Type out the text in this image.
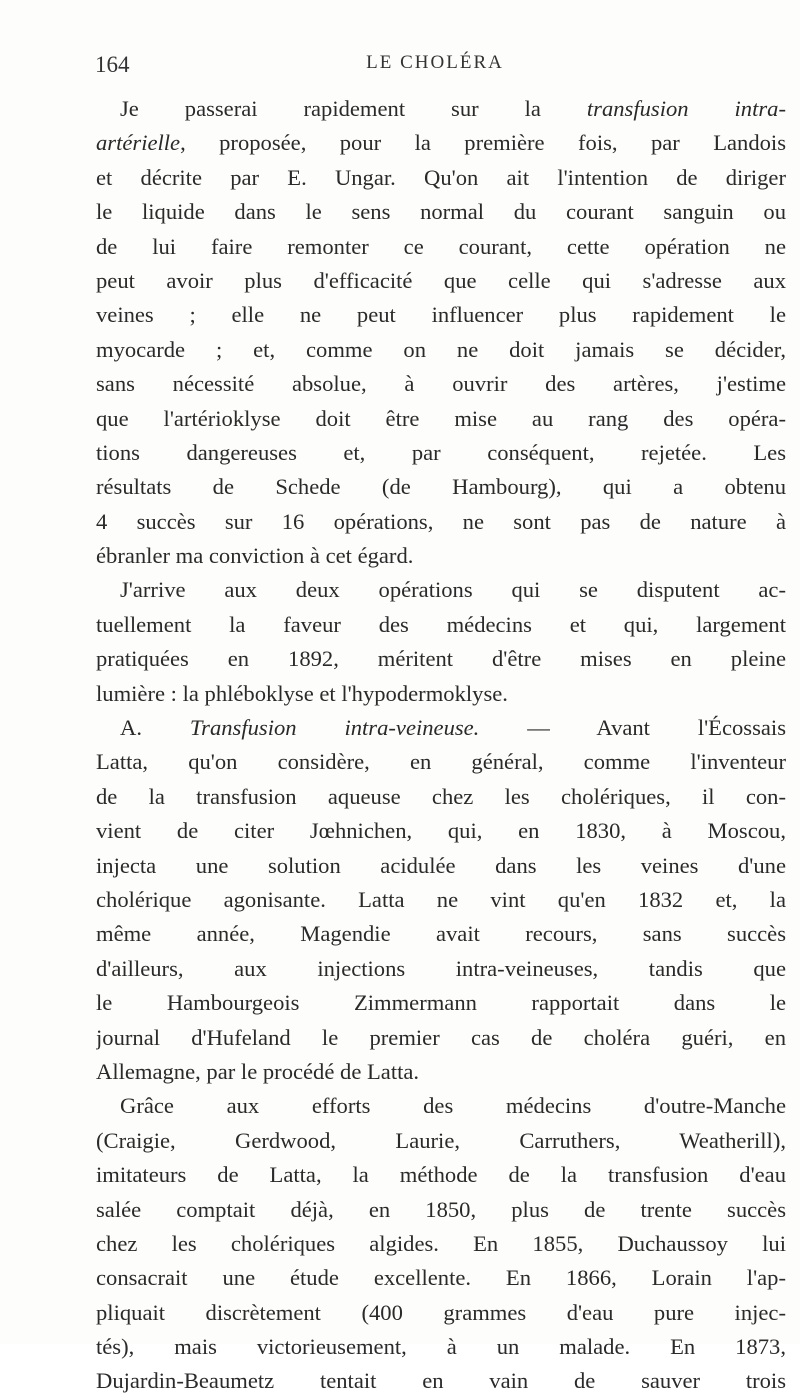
164	LE CHOLÉRA
Je passerai rapidement sur la transfusion intra-
artérielle, proposée, pour la première fois, par Landois
et décrite par E. Ungar. Qu'on ait l'intention de diriger
le liquide dans le sens normal du courant sanguin ou
de lui faire remonter ce courant, cette opération ne
peut avoir plus d'efficacité que celle qui s'adresse aux
veines ; elle ne peut influencer plus rapidement le
myocarde ; et, comme on ne doit jamais se décider,
sans nécessité absolue, à ouvrir des artères, j'estime
que l'artérioklyse doit être mise au rang des opéra-
tions dangereuses et, par conséquent, rejetée. Les
résultats de Schede (de Hambourg), qui a obtenu
4 succès sur 16 opérations, ne sont pas de nature à
ébranler ma conviction à cet égard.
J'arrive aux deux opérations qui se disputent ac-
tuellement la faveur des médecins et qui, largement
pratiquées en 1892, méritent d'être mises en pleine
lumière : la phléboklyse et l'hypodermoklyse.
A. Transfusion intra-veineuse. — Avant l'Écossais
Latta, qu'on considère, en général, comme l'inventeur
de la transfusion aqueuse chez les cholériques, il con-
vient de citer Jœhnichen, qui, en 1830, à Moscou,
injecta une solution acidulée dans les veines d'une
cholérique agonisante. Latta ne vint qu'en 1832 et, la
même année, Magendie avait recours, sans succès
d'ailleurs, aux injections intra-veineuses, tandis que
le Hambourgeois Zimmermann rapportait dans le
journal d'Hufeland le premier cas de choléra guéri, en
Allemagne, par le procédé de Latta.
Grâce aux efforts des médecins d'outre-Manche
(Craigie, Gerdwood, Laurie, Carruthers, Weatherill),
imitateurs de Latta, la méthode de la transfusion d'eau
salée comptait déjà, en 1850, plus de trente succès
chez les cholériques algides. En 1855, Duchaussoy lui
consacrait une étude excellente. En 1866, Lorain l'ap-
pliquait discrètement (400 grammes d'eau pure injec-
tés), mais victorieusement, à un malade. En 1873,
Dujardin-Beaumetz tentait en vain de sauver trois
